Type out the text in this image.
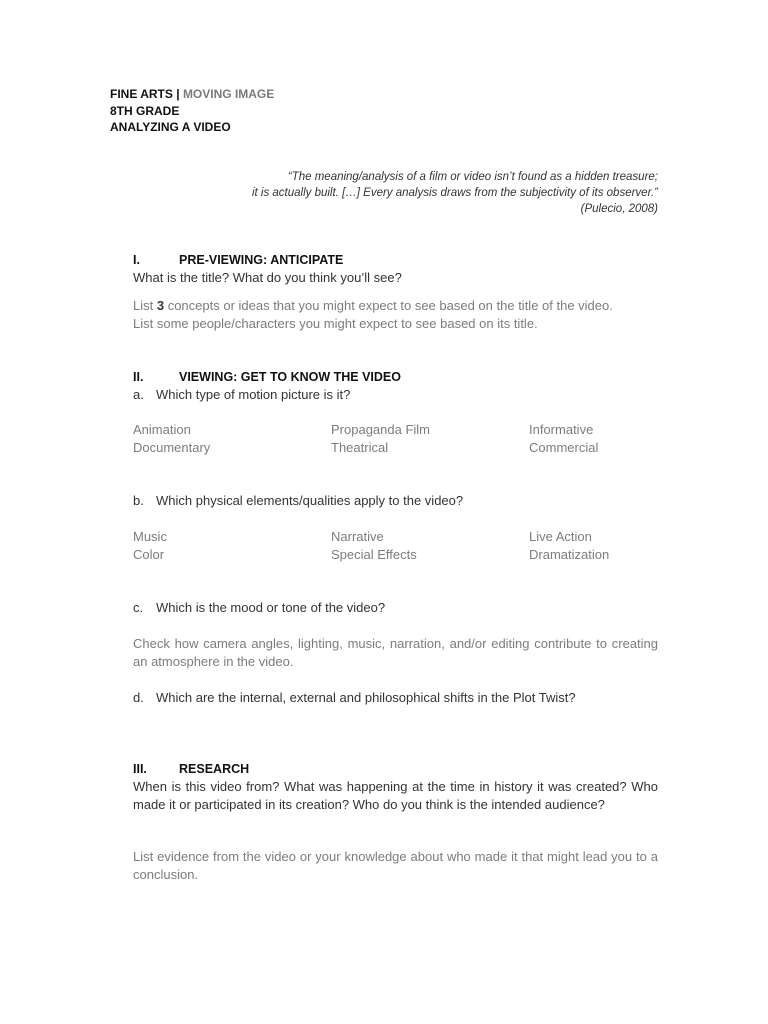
FINE ARTS | MOVING IMAGE
8TH GRADE
ANALYZING A VIDEO
“The meaning/analysis of a film or video isn’t found as a hidden treasure;
it is actually built. […] Every analysis draws from the subjectivity of its observer.”
(Pulecio, 2008)
I.	PRE-VIEWING: ANTICIPATE
What is the title? What do you think you’ll see?
List 3 concepts or ideas that you might expect to see based on the title of the video.
List some people/characters you might expect to see based on its title.
II.	VIEWING: GET TO KNOW THE VIDEO
a. Which type of motion picture is it?
Animation	Propaganda Film	Informative
Documentary	Theatrical	Commercial
b. Which physical elements/qualities apply to the video?
Music	Narrative	Live Action
Color	Special Effects	Dramatization
c. Which is the mood or tone of the video?
Check how camera angles, lighting, music, narration, and/or editing contribute to creating an atmosphere in the video.
d. Which are the internal, external and philosophical shifts in the Plot Twist?
III.	RESEARCH
When is this video from? What was happening at the time in history it was created? Who made it or participated in its creation? Who do you think is the intended audience?
List evidence from the video or your knowledge about who made it that might lead you to a conclusion.
